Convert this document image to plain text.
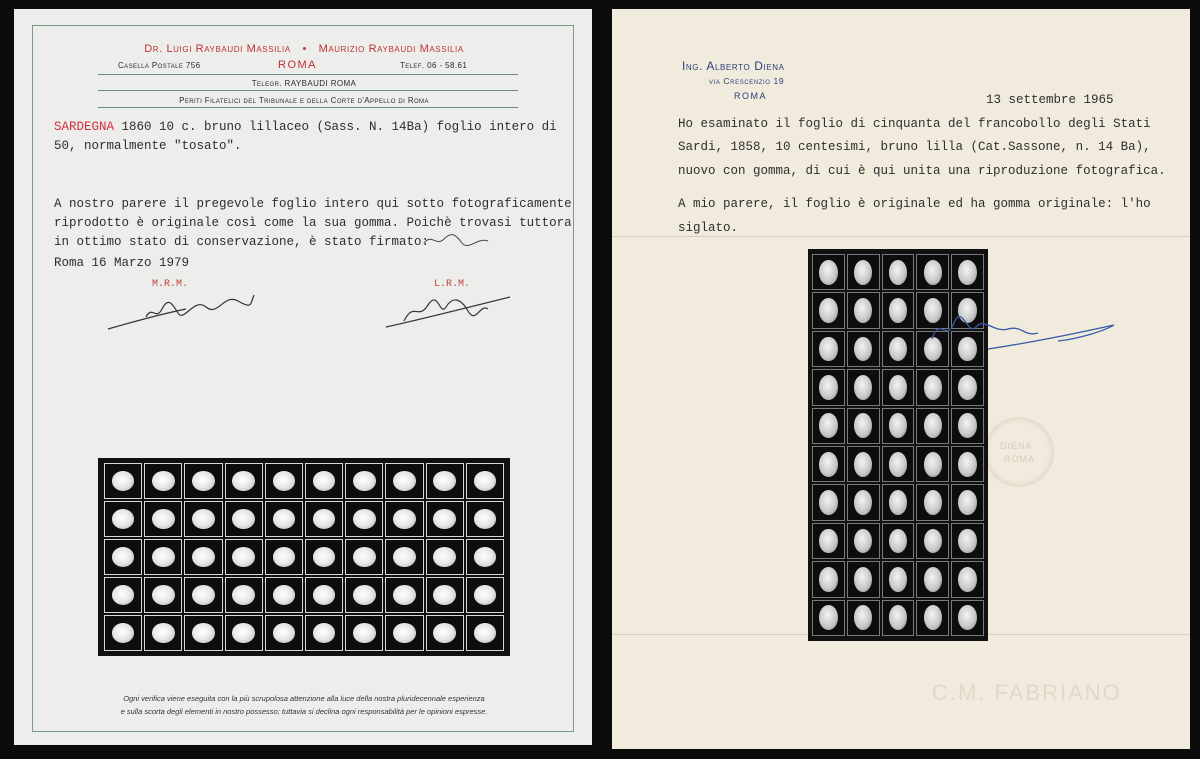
Dr. Luigi Raybaudi Massilia • Maurizio Raybaudi Massilia
Casella Postale 756	ROMA	Telef. 06 - 58.61
Telegr. RAYBAUDI ROMA
Periti Filatelici del Tribunale e della Corte d'Appello di Roma
SARDEGNA 1860 10 c. bruno lillaceo (Sass. N. 14Ba) foglio intero di
50, normalmente "tosato".
A nostro parere il pregevole foglio intero qui sotto fotograficamente
riprodotto è originale così come la sua gomma. Poichè trovasi tuttora
in ottimo stato di conservazione, è stato firmato:
Roma 16 Marzo 1979
M.R.M.	L.R.M.
Ogni verifica viene eseguita con la più scrupolosa attenzione alla luce della nostra pluridecennale esperienza
e sulla scorta degli elementi in nostro possesso; tuttavia si declina ogni responsabilità per le opinioni espresse.
Ing. Alberto Diena
via Crescenzio 19
ROMA	13 settembre 1965
Ho esaminato il foglio di cinquanta del francobollo degli Stati
Sardi, 1858, 10 centesimi, bruno lilla (Cat.Sassone, n. 14 Ba),
nuovo con gomma, di cui è qui unita una riproduzione fotografica.
A mio parere, il foglio è originale ed ha gomma originale: l'ho
siglato.
DIENA
ROMA
C.M. FABRIANO
